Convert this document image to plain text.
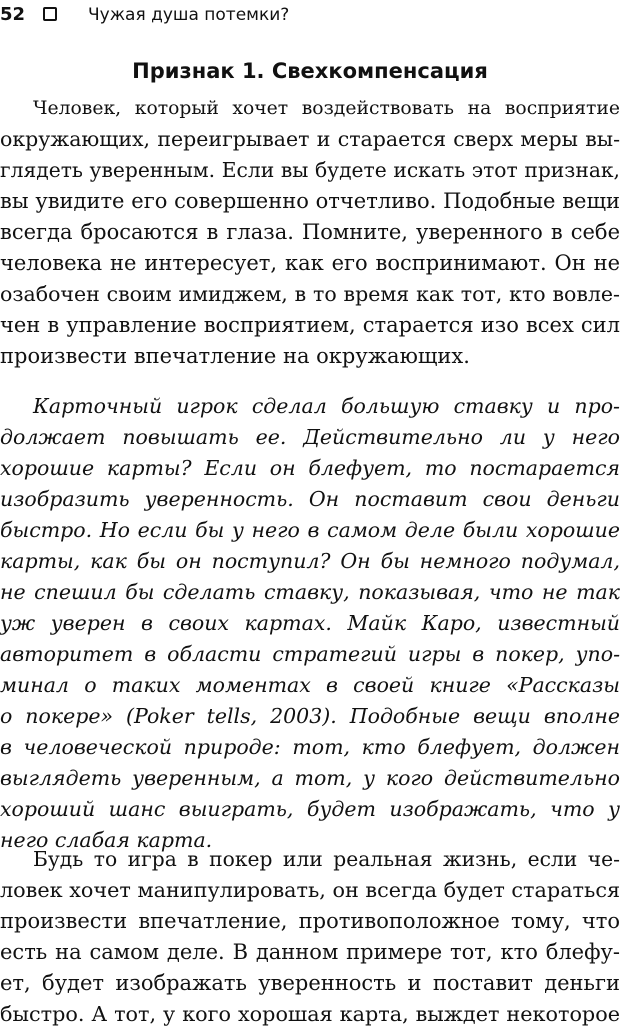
52	Чужая душа потемки?
Признак 1. Свехкомпенсация
Человек, который хочет воздействовать на восприятие
окружающих, переигрывает и старается сверх меры вы-
глядеть уверенным. Если вы будете искать этот признак,
вы увидите его совершенно отчетливо. Подобные вещи
всегда бросаются в глаза. Помните, уверенного в себе
человека не интересует, как его воспринимают. Он не
озабочен своим имиджем, в то время как тот, кто вовле-
чен в управление восприятием, старается изо всех сил
произвести впечатление на окружающих.
Карточный игрок сделал большую ставку и про-
должает повышать ее. Действительно ли у него
хорошие карты? Если он блефует, то постарается
изобразить уверенность. Он поставит свои деньги
быстро. Но если бы у него в самом деле были хорошие
карты, как бы он поступил? Он бы немного подумал,
не спешил бы сделать ставку, показывая, что не так
уж уверен в своих картах. Майк Каро, известный
авторитет в области стратегий игры в покер, упо-
минал о таких моментах в своей книге «Рассказы
о покере» (Poker tells, 2003). Подобные вещи вполне
в человеческой природе: тот, кто блефует, должен
выглядеть уверенным, а тот, у кого действительно
хороший шанс выиграть, будет изображать, что у
него слабая карта.
Будь то игра в покер или реальная жизнь, если че-
ловек хочет манипулировать, он всегда будет стараться
произвести впечатление, противоположное тому, что
есть на самом деле. В данном примере тот, кто блефу-
ет, будет изображать уверенность и поставит деньги
быстро. А тот, у кого хорошая карта, выждет некоторое
